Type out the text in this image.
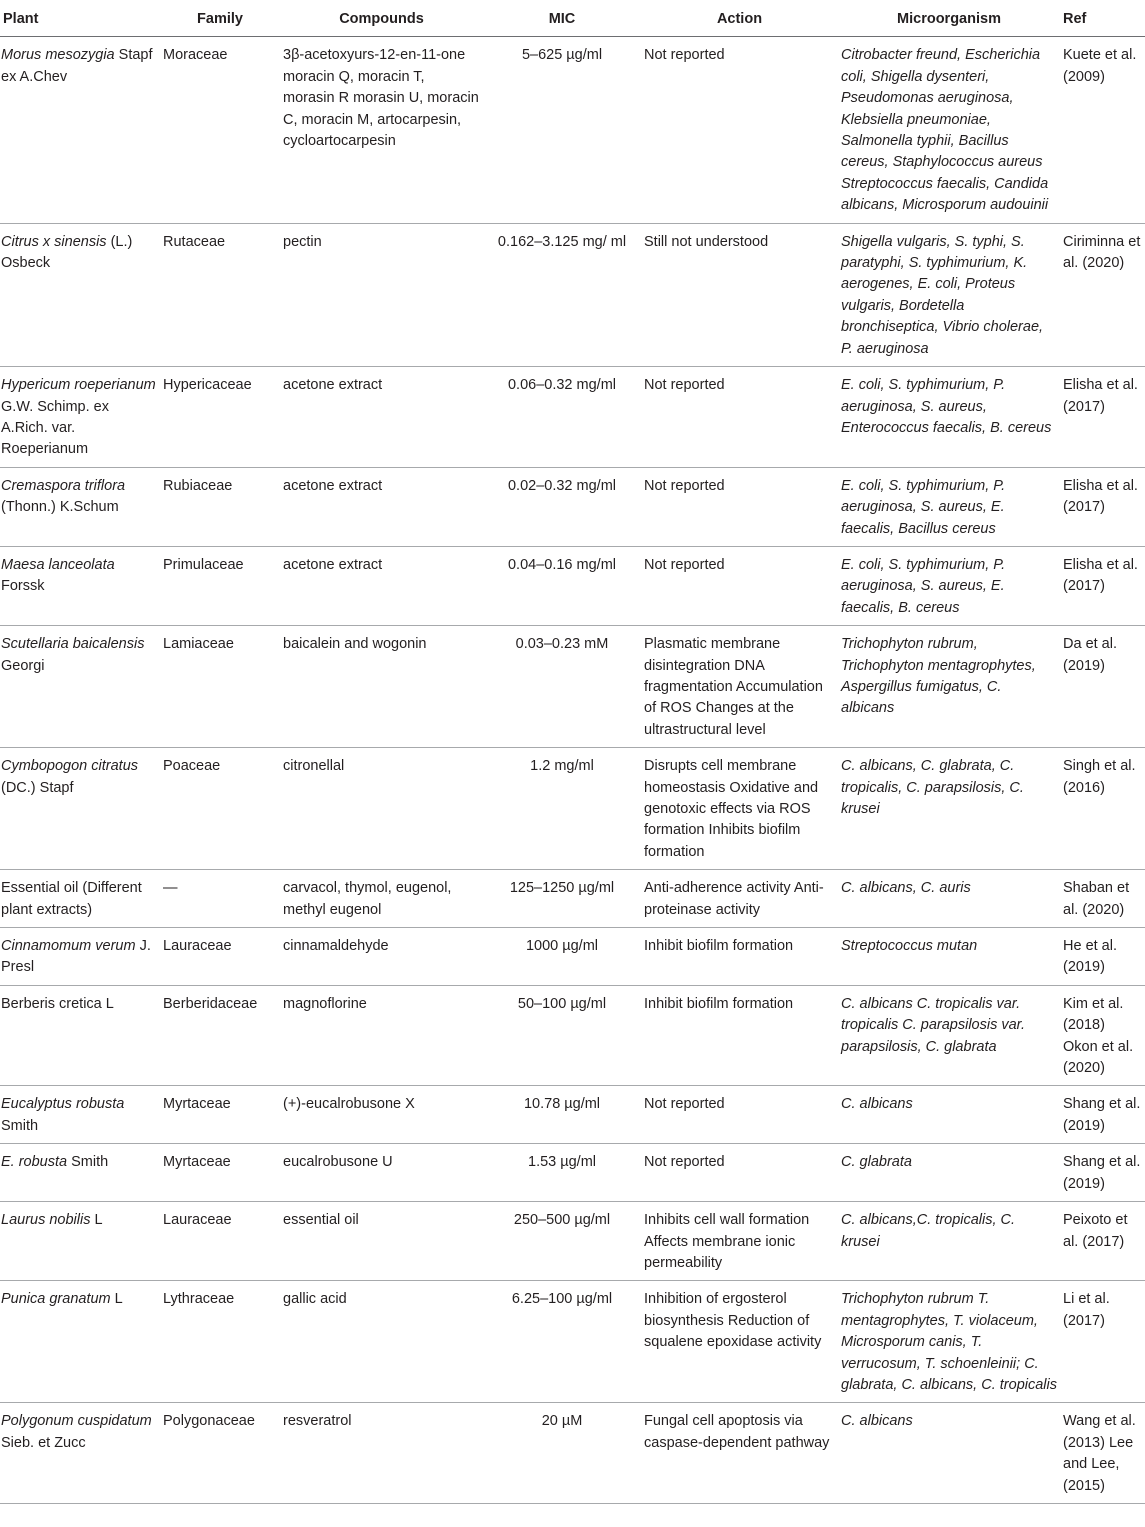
Plant	Family	Compounds	MIC	Action	Microorganism	Ref
Morus mesozygia Stapf ex A.Chev	Moraceae	3β-acetoxyurs-12-en-11-one moracin Q, moracin T, morasin R morasin U, moracin C, moracin M, artocarpesin, cycloartocarpesin	5–625 µg/ml	Not reported	Citrobacter freund, Escherichia coli, Shigella dysenteri, Pseudomonas aeruginosa, Klebsiella pneumoniae, Salmonella typhii, Bacillus cereus, Staphylococcus aureus Streptococcus faecalis, Candida albicans, Microsporum audouinii	Kuete et al. (2009)
Citrus x sinensis (L.) Osbeck	Rutaceae	pectin	0.162–3.125 mg/ ml	Still not understood	Shigella vulgaris, S. typhi, S. paratyphi, S. typhimurium, K. aerogenes, E. coli, Proteus vulgaris, Bordetella bronchiseptica, Vibrio cholerae, P. aeruginosa	Ciriminna et al. (2020)
Hypericum roeperianum G.W. Schimp. ex A.Rich. var. Roeperianum	Hypericaceae	acetone extract	0.06–0.32 mg/ml	Not reported	E. coli, S. typhimurium, P. aeruginosa, S. aureus, Enterococcus faecalis, B. cereus	Elisha et al. (2017)
Cremaspora triflora (Thonn.) K.Schum	Rubiaceae	acetone extract	0.02–0.32 mg/ml	Not reported	E. coli, S. typhimurium, P. aeruginosa, S. aureus, E. faecalis, Bacillus cereus	Elisha et al. (2017)
Maesa lanceolata Forssk	Primulaceae	acetone extract	0.04–0.16 mg/ml	Not reported	E. coli, S. typhimurium, P. aeruginosa, S. aureus, E. faecalis, B. cereus	Elisha et al. (2017)
Scutellaria baicalensis Georgi	Lamiaceae	baicalein and wogonin	0.03–0.23 mM	Plasmatic membrane disintegration DNA fragmentation Accumulation of ROS Changes at the ultrastructural level	Trichophyton rubrum, Trichophyton mentagrophytes, Aspergillus fumigatus, C. albicans	Da et al. (2019)
Cymbopogon citratus (DC.) Stapf	Poaceae	citronellal	1.2 mg/ml	Disrupts cell membrane homeostasis Oxidative and genotoxic effects via ROS formation Inhibits biofilm formation	C. albicans, C. glabrata, C. tropicalis, C. parapsilosis, C. krusei	Singh et al. (2016)
Essential oil (Different plant extracts)	—	carvacol, thymol, eugenol, methyl eugenol	125–1250 µg/ml	Anti-adherence activity Anti-proteinase activity	C. albicans, C. auris	Shaban et al. (2020)
Cinnamomum verum J. Presl	Lauraceae	cinnamaldehyde	1000 µg/ml	Inhibit biofilm formation	Streptococcus mutan	He et al. (2019)
Berberis cretica L	Berberidaceae	magnoflorine	50–100 µg/ml	Inhibit biofilm formation	C. albicans C. tropicalis var. tropicalis C. parapsilosis var. parapsilosis, C. glabrata	Kim et al. (2018) Okon et al. (2020)
Eucalyptus robusta Smith	Myrtaceae	(+)-eucalrobusone X	10.78 µg/ml	Not reported	C. albicans	Shang et al. (2019)
E. robusta Smith	Myrtaceae	eucalrobusone U	1.53 µg/ml	Not reported	C. glabrata	Shang et al. (2019)
Laurus nobilis L	Lauraceae	essential oil	250–500 µg/ml	Inhibits cell wall formation Affects membrane ionic permeability	C. albicans,C. tropicalis, C. krusei	Peixoto et al. (2017)
Punica granatum L	Lythraceae	gallic acid	6.25–100 µg/ml	Inhibition of ergosterol biosynthesis Reduction of squalene epoxidase activity	Trichophyton rubrum T. mentagrophytes, T. violaceum, Microsporum canis, T. verrucosum, T. schoenleinii; C. glabrata, C. albicans, C. tropicalis	Li et al. (2017)
Polygonum cuspidatum Sieb. et Zucc	Polygonaceae	resveratrol	20 µM	Fungal cell apoptosis via caspase-dependent pathway	C. albicans	Wang et al. (2013) Lee and Lee, (2015)
